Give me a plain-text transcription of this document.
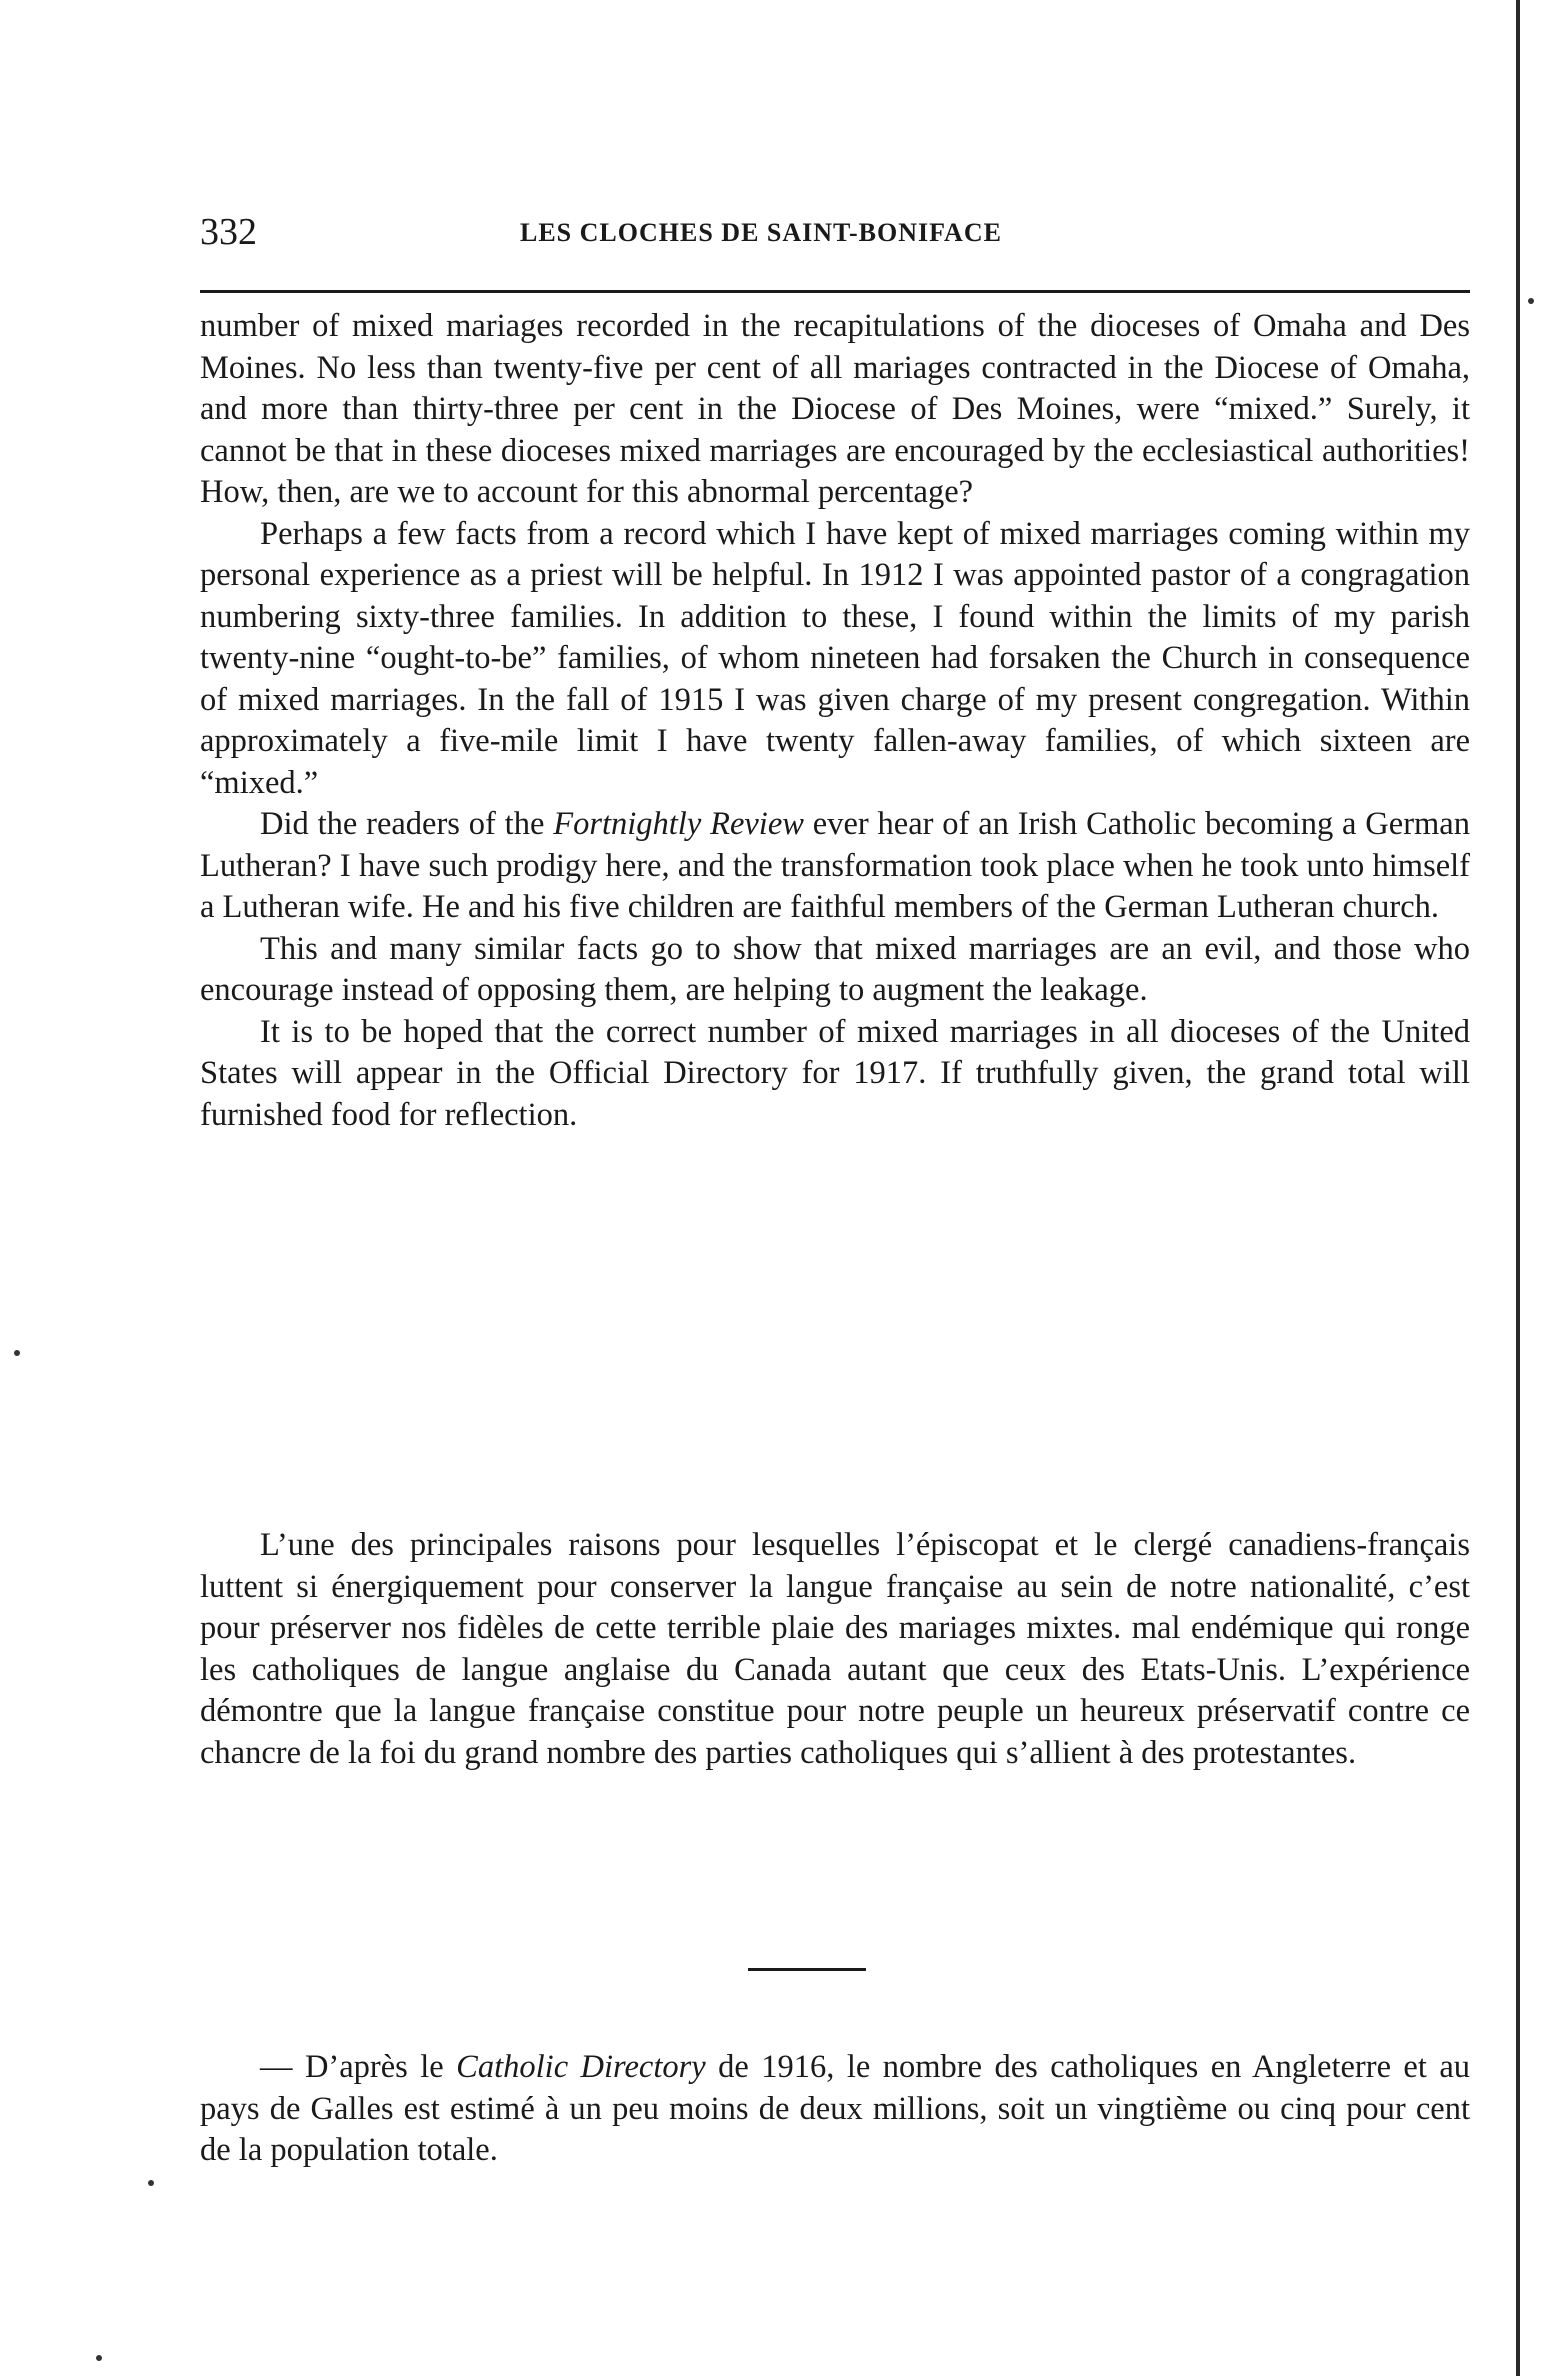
332	LES CLOCHES DE SAINT-BONIFACE

number of mixed mariages recorded in the recapitulations of the dioceses of Omaha and Des Moines. No less than twenty-five per cent of all mariages contracted in the Diocese of Omaha, and more than thirty-three per cent in the Diocese of Des Moines, were “mixed.” Surely, it cannot be that in these dioceses mixed marriages are encouraged by the ecclesiastical authorities! How, then, are we to account for this abnormal percentage?

Perhaps a few facts from a record which I have kept of mixed marriages coming within my personal experience as a priest will be helpful. In 1912 I was appointed pastor of a congragation numbering sixty-three families. In addition to these, I found within the limits of my parish twenty-nine “ought-to-be” families, of whom nineteen had forsaken the Church in consequence of mixed marriages. In the fall of 1915 I was given charge of my present congregation. Within approximately a five-mile limit I have twenty fallen-away families, of which sixteen are “mixed.”

Did the readers of the Fortnightly Review ever hear of an Irish Catholic becoming a German Lutheran? I have such prodigy here, and the transformation took place when he took unto himself a Lutheran wife. He and his five children are faithful members of the German Lutheran church.

This and many similar facts go to show that mixed marriages are an evil, and those who encourage instead of opposing them, are helping to augment the leakage.

It is to be hoped that the correct number of mixed marriages in all dioceses of the United States will appear in the Official Directory for 1917. If truthfully given, the grand total will furnished food for reflection.

L’une des principales raisons pour lesquelles l’épiscopat et le clergé canadiens-français luttent si énergiquement pour conserver la langue française au sein de notre nationalité, c’est pour préserver nos fidèles de cette terrible plaie des mariages mixtes. mal endémique qui ronge les catholiques de langue anglaise du Canada autant que ceux des Etats-Unis. L’expérience démontre que la langue française constitue pour notre peuple un heureux préservatif contre ce chancre de la foi du grand nombre des parties catholiques qui s’allient à des protestantes.

— D’après le Catholic Directory de 1916, le nombre des catholiques en Angleterre et au pays de Galles est estimé à un peu moins de deux millions, soit un vingtième ou cinq pour cent de la population totale.
